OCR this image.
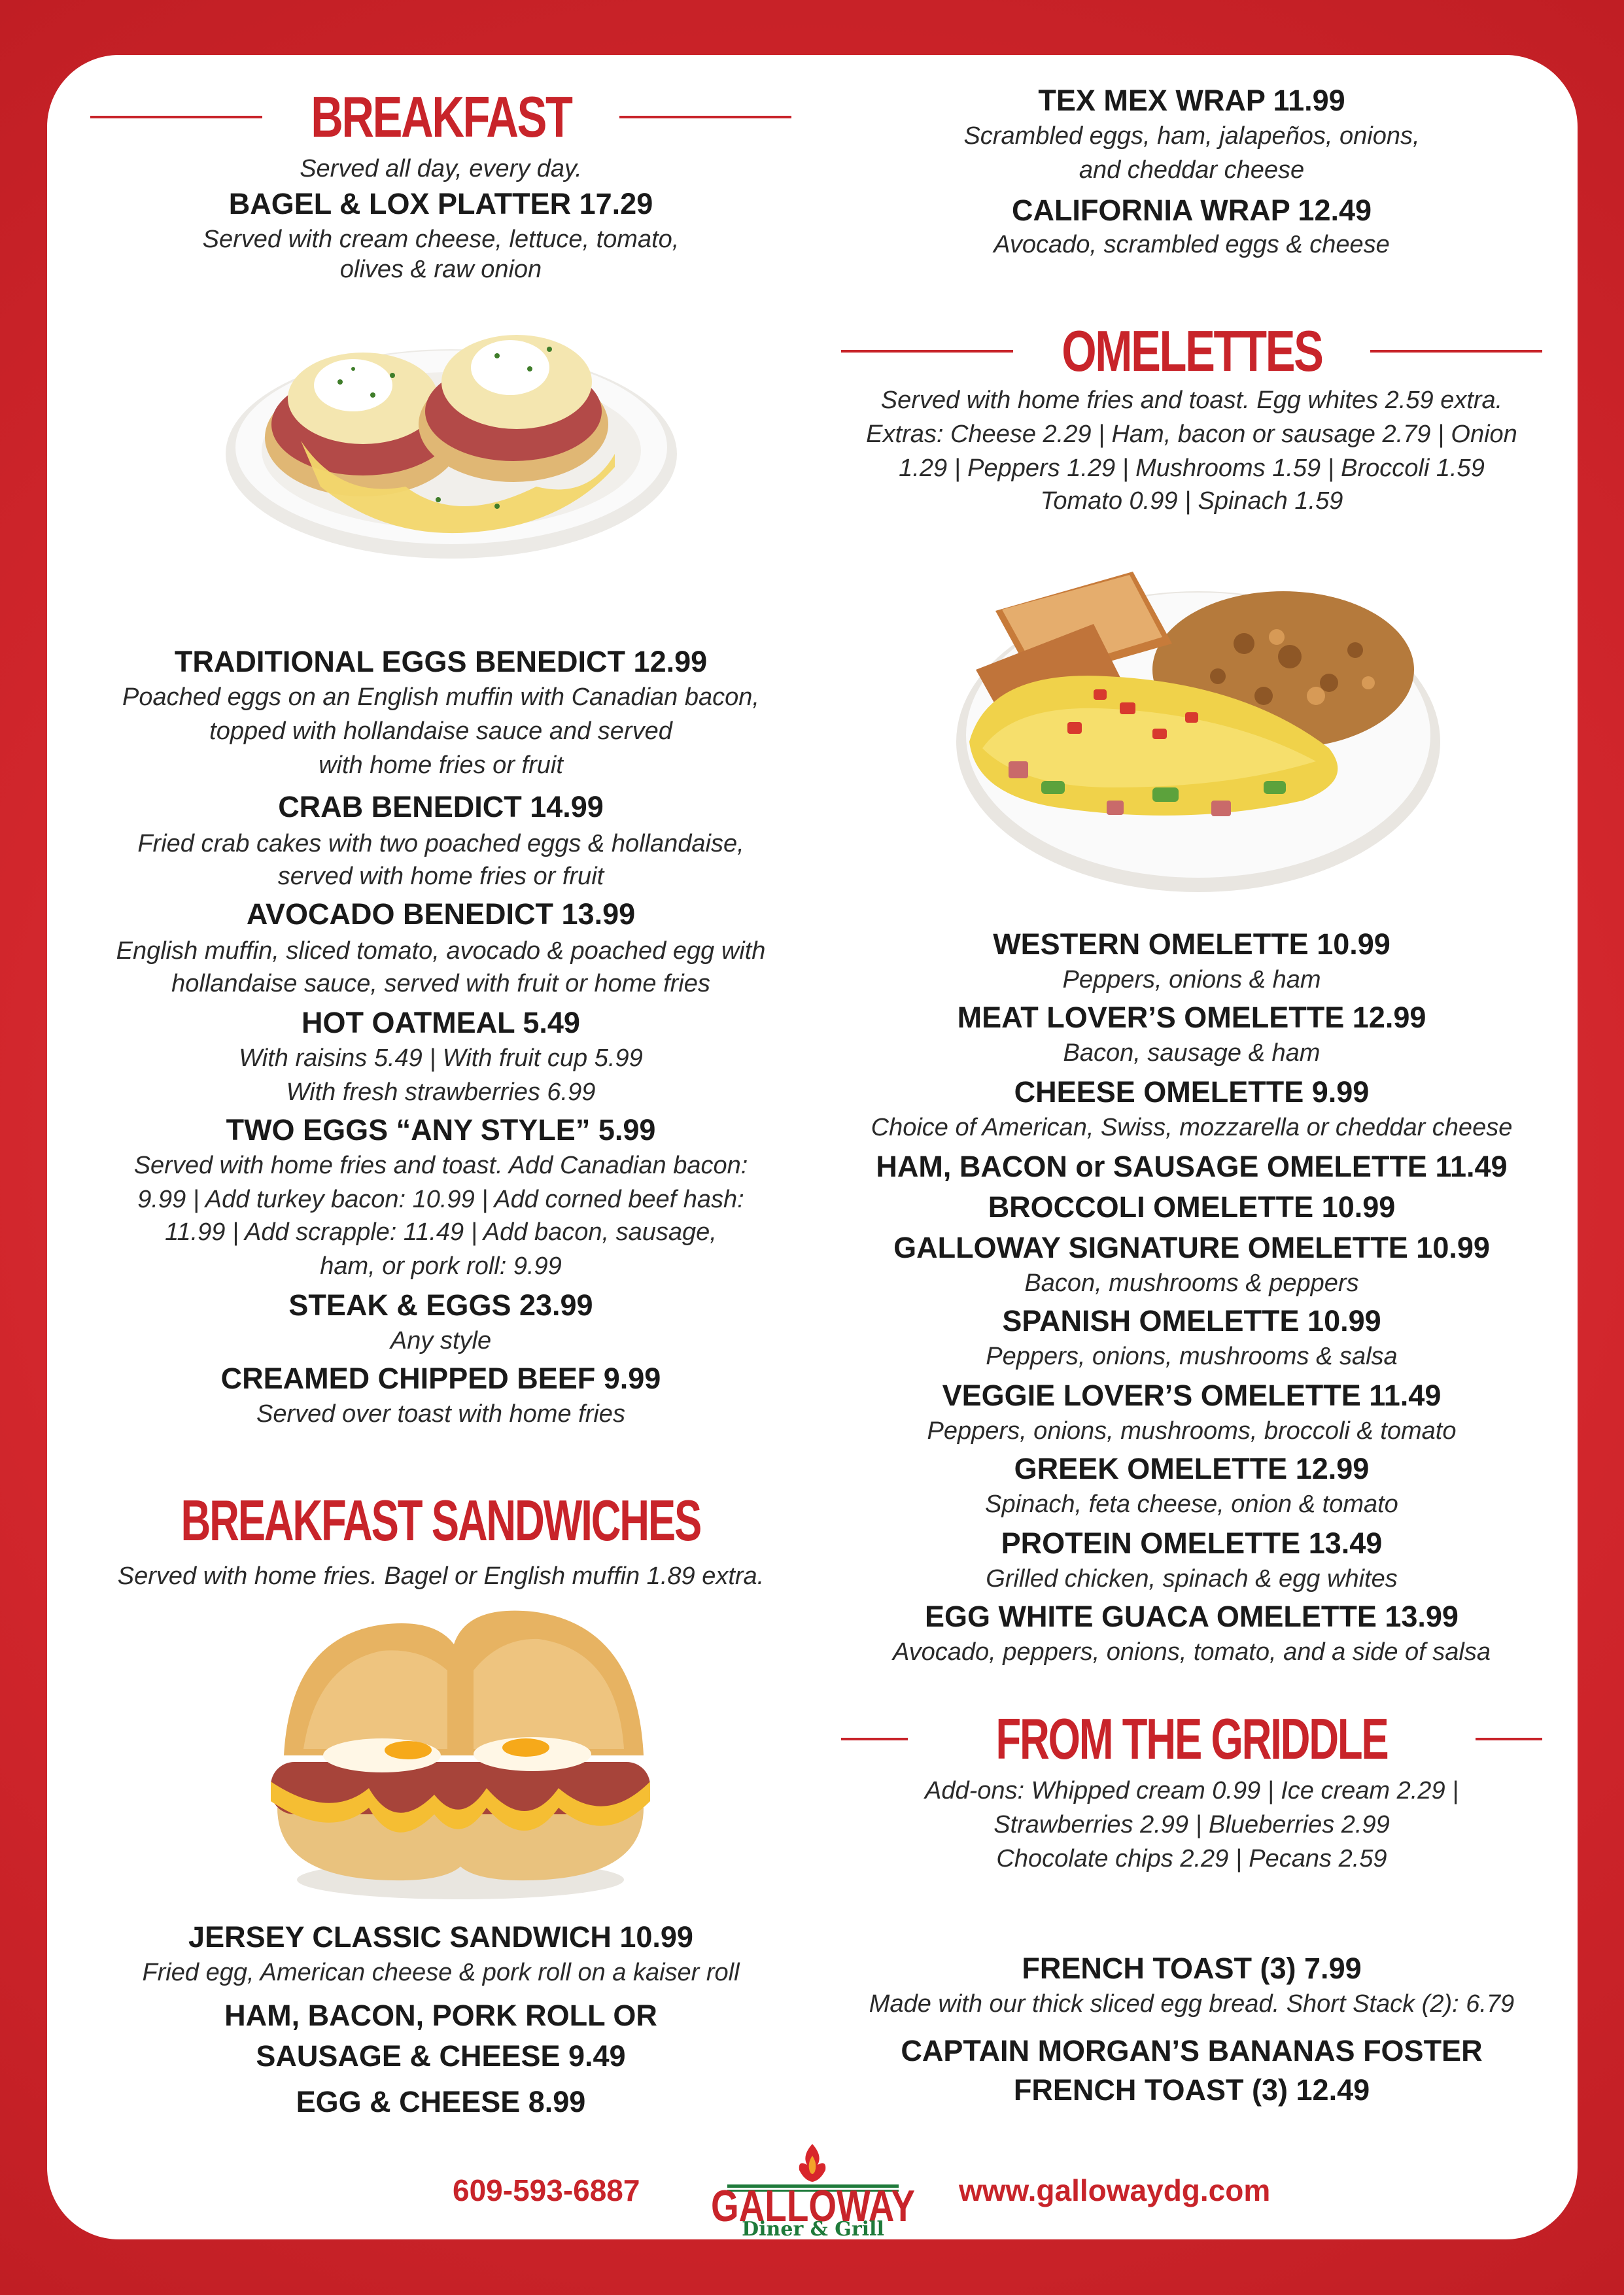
BREAKFAST
Served all day, every day.
BAGEL & LOX PLATTER 17.29
Served with cream cheese, lettuce, tomato,
olives & raw onion
TRADITIONAL EGGS BENEDICT 12.99
Poached eggs on an English muffin with Canadian bacon,
topped with hollandaise sauce and served
with home fries or fruit
CRAB BENEDICT 14.99
Fried crab cakes with two poached eggs & hollandaise,
served with home fries or fruit
AVOCADO BENEDICT 13.99
English muffin, sliced tomato, avocado & poached egg with
hollandaise sauce, served with fruit or home fries
HOT OATMEAL 5.49
With raisins 5.49 | With fruit cup 5.99
With fresh strawberries 6.99
TWO EGGS “ANY STYLE” 5.99
Served with home fries and toast. Add Canadian bacon:
9.99 | Add turkey bacon: 10.99 | Add corned beef hash:
11.99 | Add scrapple: 11.49 | Add bacon, sausage,
ham, or pork roll: 9.99
STEAK & EGGS 23.99
Any style
CREAMED CHIPPED BEEF 9.99
Served over toast with home fries
BREAKFAST SANDWICHES
Served with home fries. Bagel or English muffin 1.89 extra.
JERSEY CLASSIC SANDWICH 10.99
Fried egg, American cheese & pork roll on a kaiser roll
HAM, BACON, PORK ROLL OR
SAUSAGE & CHEESE 9.49
EGG & CHEESE 8.99
TEX MEX WRAP 11.99
Scrambled eggs, ham, jalapeños, onions,
and cheddar cheese
CALIFORNIA WRAP 12.49
Avocado, scrambled eggs & cheese
OMELETTES
Served with home fries and toast. Egg whites 2.59 extra.
Extras: Cheese 2.29 | Ham, bacon or sausage 2.79 | Onion
1.29 | Peppers 1.29 | Mushrooms 1.59 | Broccoli 1.59
Tomato 0.99 | Spinach 1.59
WESTERN OMELETTE 10.99
Peppers, onions & ham
MEAT LOVER’S OMELETTE 12.99
Bacon, sausage & ham
CHEESE OMELETTE 9.99
Choice of American, Swiss, mozzarella or cheddar cheese
HAM, BACON or SAUSAGE OMELETTE 11.49
BROCCOLI OMELETTE 10.99
GALLOWAY SIGNATURE OMELETTE 10.99
Bacon, mushrooms & peppers
SPANISH OMELETTE 10.99
Peppers, onions, mushrooms & salsa
VEGGIE LOVER’S OMELETTE 11.49
Peppers, onions, mushrooms, broccoli & tomato
GREEK OMELETTE 12.99
Spinach, feta cheese, onion & tomato
PROTEIN OMELETTE 13.49
Grilled chicken, spinach & egg whites
EGG WHITE GUACA OMELETTE 13.99
Avocado, peppers, onions, tomato, and a side of salsa
FROM THE GRIDDLE
Add-ons: Whipped cream 0.99 | Ice cream 2.29 |
Strawberries 2.99 | Blueberries 2.99
Chocolate chips 2.29 | Pecans 2.59
FRENCH TOAST (3) 7.99
Made with our thick sliced egg bread. Short Stack (2): 6.79
CAPTAIN MORGAN’S BANANAS FOSTER
FRENCH TOAST (3) 12.49
609-593-6887 GALLOWAY
Diner & Grill
www.gallowaydg.com
